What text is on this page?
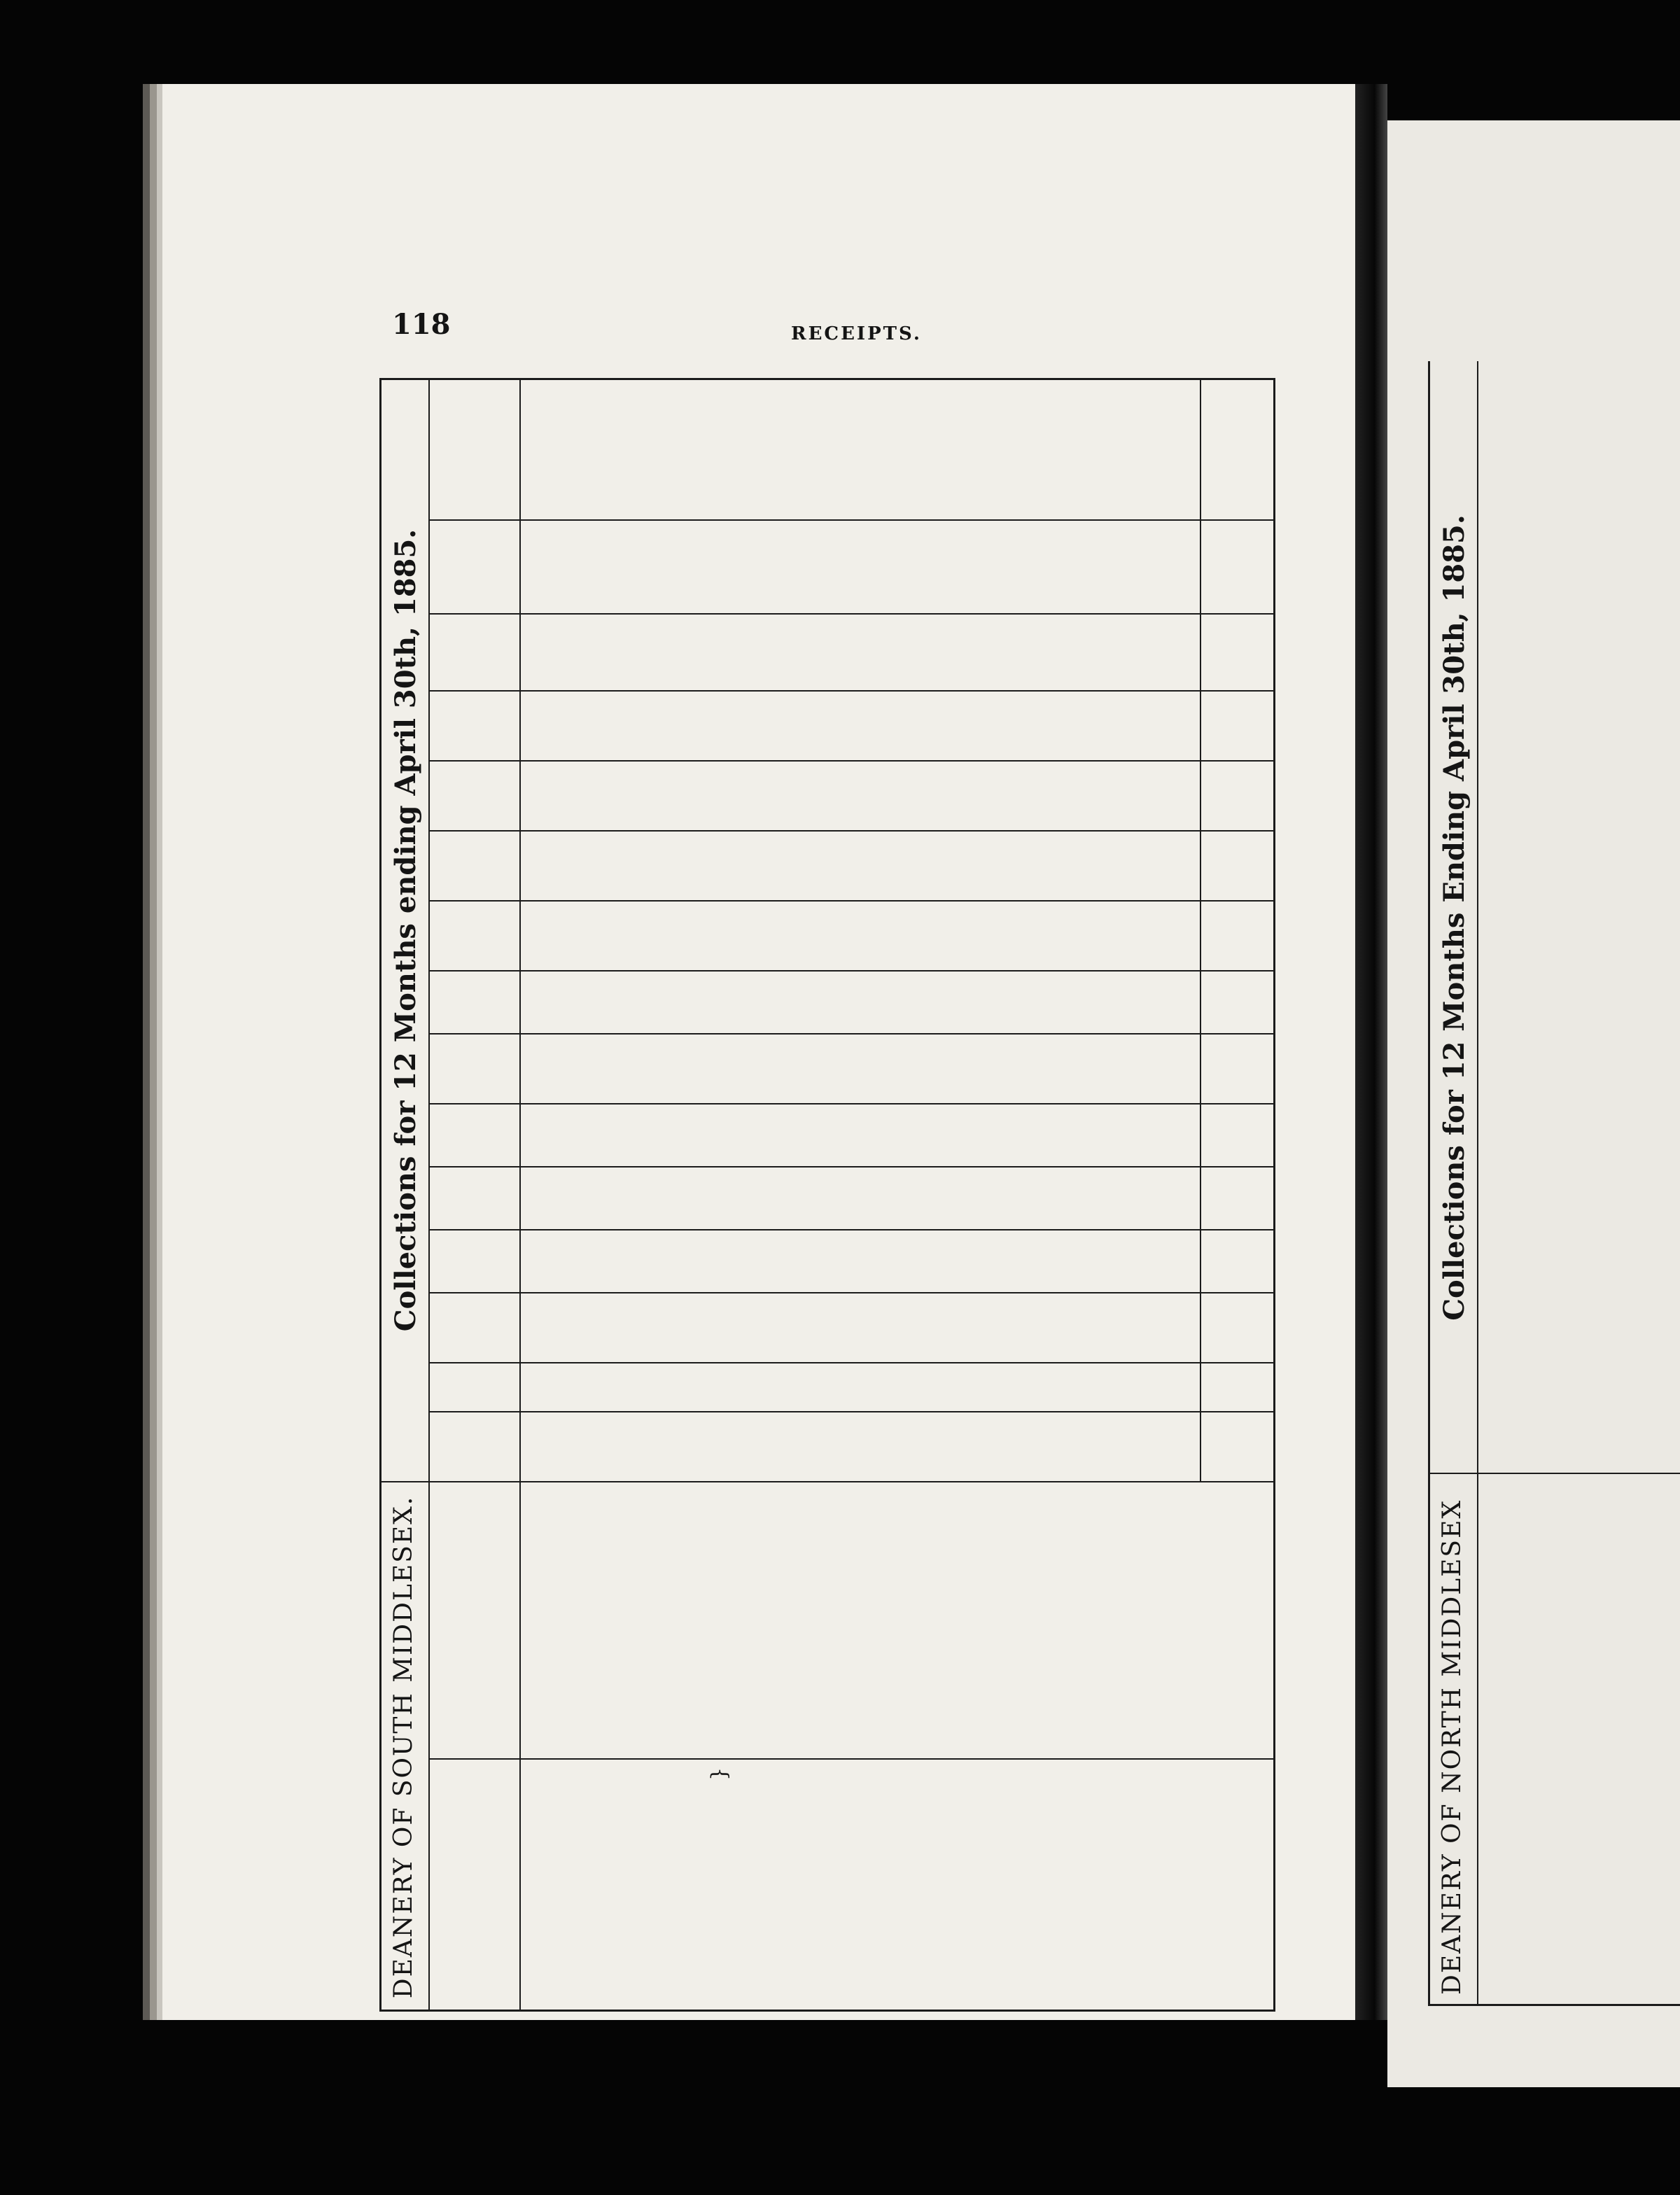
118	RECEIPTS.
DEANERY OF SOUTH MIDDLESEX.
Collections for 12 Months ending April 30th, 1885.
}	DEANERY OF NORTH MIDDLESEX
Collections for 12 Months Ending April 30th, 1885.
